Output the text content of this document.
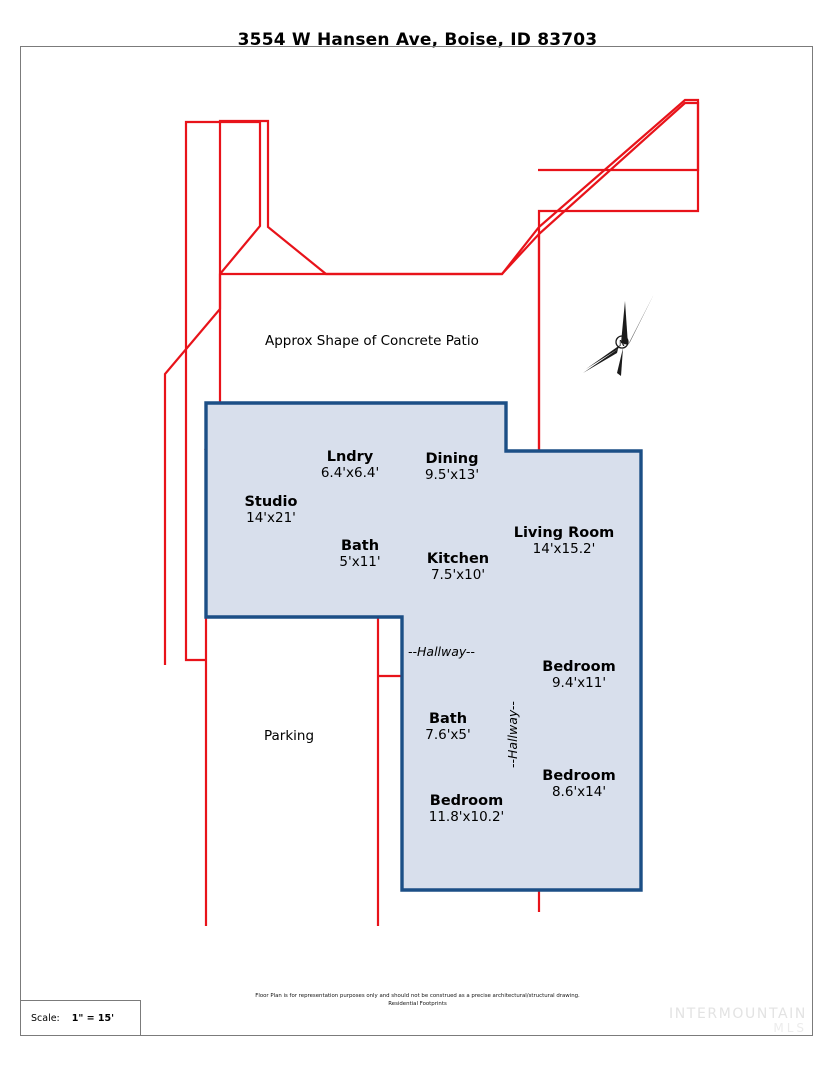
3554 W Hansen Ave, Boise, ID 83703
N
Approx Shape of Concrete Patio
Parking
--Hallway--
--Hallway--
Lndry
6.4'x6.4'
Dining
9.5'x13'
Studio
14'x21'
Living Room
14'x15.2'
Bath
5'x11'	Kitchen
7.5'x10'
Bedroom
9.4'x11'
Bath
7.6'x5'
Bedroom
8.6'x14'
Bedroom
11.8'x10.2'
Floor Plan is for representation purposes only and should not be construed as a precise architectural/structural drawing.
Residential Footprints
Scale: 1" = 15'	INTERMOUNTAIN
MLS
